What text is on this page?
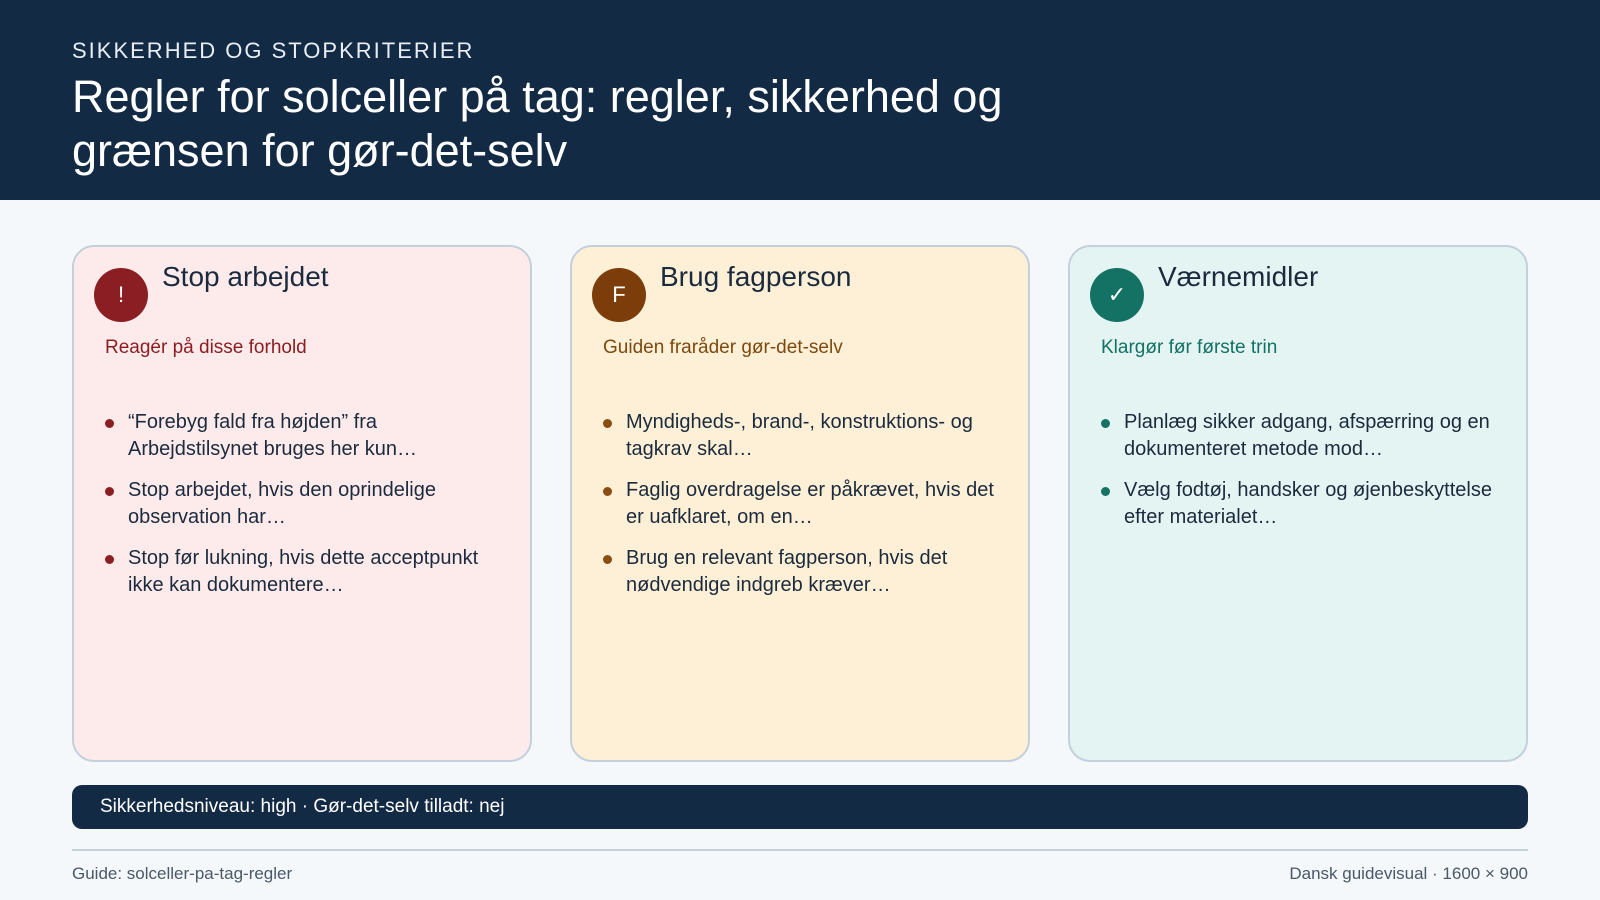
SIKKERHED OG STOPKRITERIER
Regler for solceller på tag: regler, sikkerhed og grænsen for gør-det-selv
!
Stop arbejdet
Reagér på disse forhold
“Forebyg fald fra højden” fra Arbejdstilsynet bruges her kun…
Stop arbejdet, hvis den oprindelige observation har…
Stop før lukning, hvis dette acceptpunkt ikke kan dokumentere…
F
Brug fagperson
Guiden fraråder gør-det-selv
Myndigheds-, brand-, konstruktions- og tagkrav skal…
Faglig overdragelse er påkrævet, hvis det er uafklaret, om en…
Brug en relevant fagperson, hvis det nødvendige indgreb kræver…
✓
Værnemidler
Klargør før første trin
Planlæg sikker adgang, afspærring og en dokumenteret metode mod…
Vælg fodtøj, handsker og øjenbeskyttelse efter materialet…
Sikkerhedsniveau: high · Gør-det-selv tilladt: nej
Guide: solceller-pa-tag-regler	Dansk guidevisual · 1600 × 900
